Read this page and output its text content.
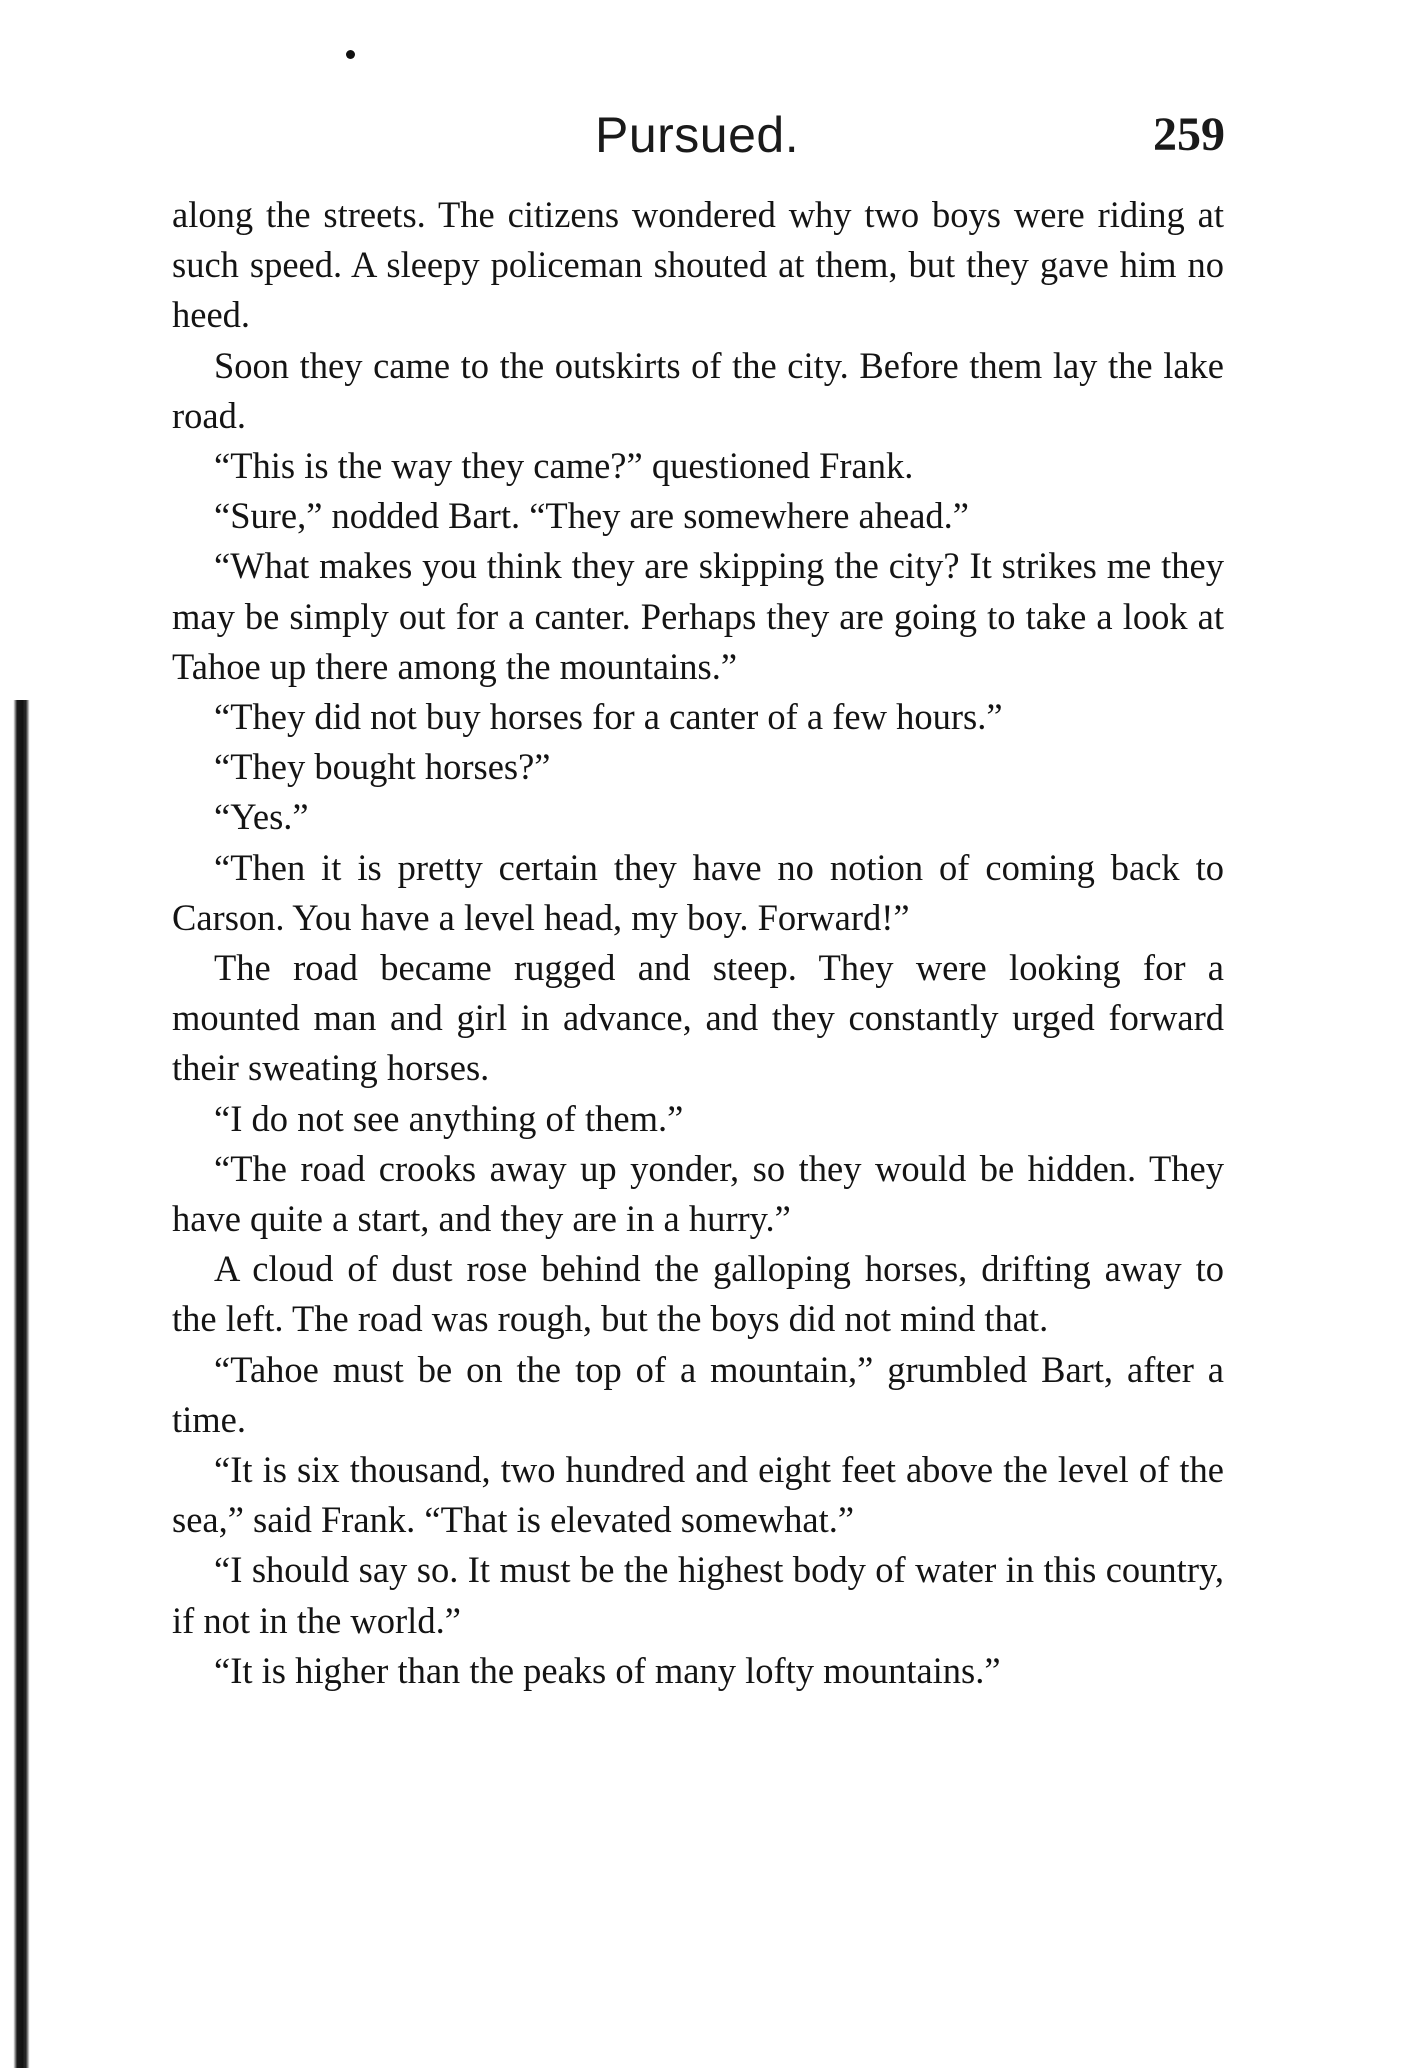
Pursued.	259

along the streets. The citizens wondered why two boys were riding at such speed. A sleepy policeman shouted at them, but they gave him no heed.

Soon they came to the outskirts of the city. Before them lay the lake road.

“This is the way they came?” questioned Frank.

“Sure,” nodded Bart. “They are somewhere ahead.”

“What makes you think they are skipping the city? It strikes me they may be simply out for a canter. Perhaps they are going to take a look at Tahoe up there among the mountains.”

“They did not buy horses for a canter of a few hours.”

“They bought horses?”

“Yes.”

“Then it is pretty certain they have no notion of coming back to Carson. You have a level head, my boy. Forward!”

The road became rugged and steep. They were looking for a mounted man and girl in advance, and they constantly urged forward their sweating horses.

“I do not see anything of them.”

“The road crooks away up yonder, so they would be hidden. They have quite a start, and they are in a hurry.”

A cloud of dust rose behind the galloping horses, drifting away to the left. The road was rough, but the boys did not mind that.

“Tahoe must be on the top of a mountain,” grumbled Bart, after a time.

“It is six thousand, two hundred and eight feet above the level of the sea,” said Frank. “That is elevated somewhat.”

“I should say so. It must be the highest body of water in this country, if not in the world.”

“It is higher than the peaks of many lofty mountains.”
